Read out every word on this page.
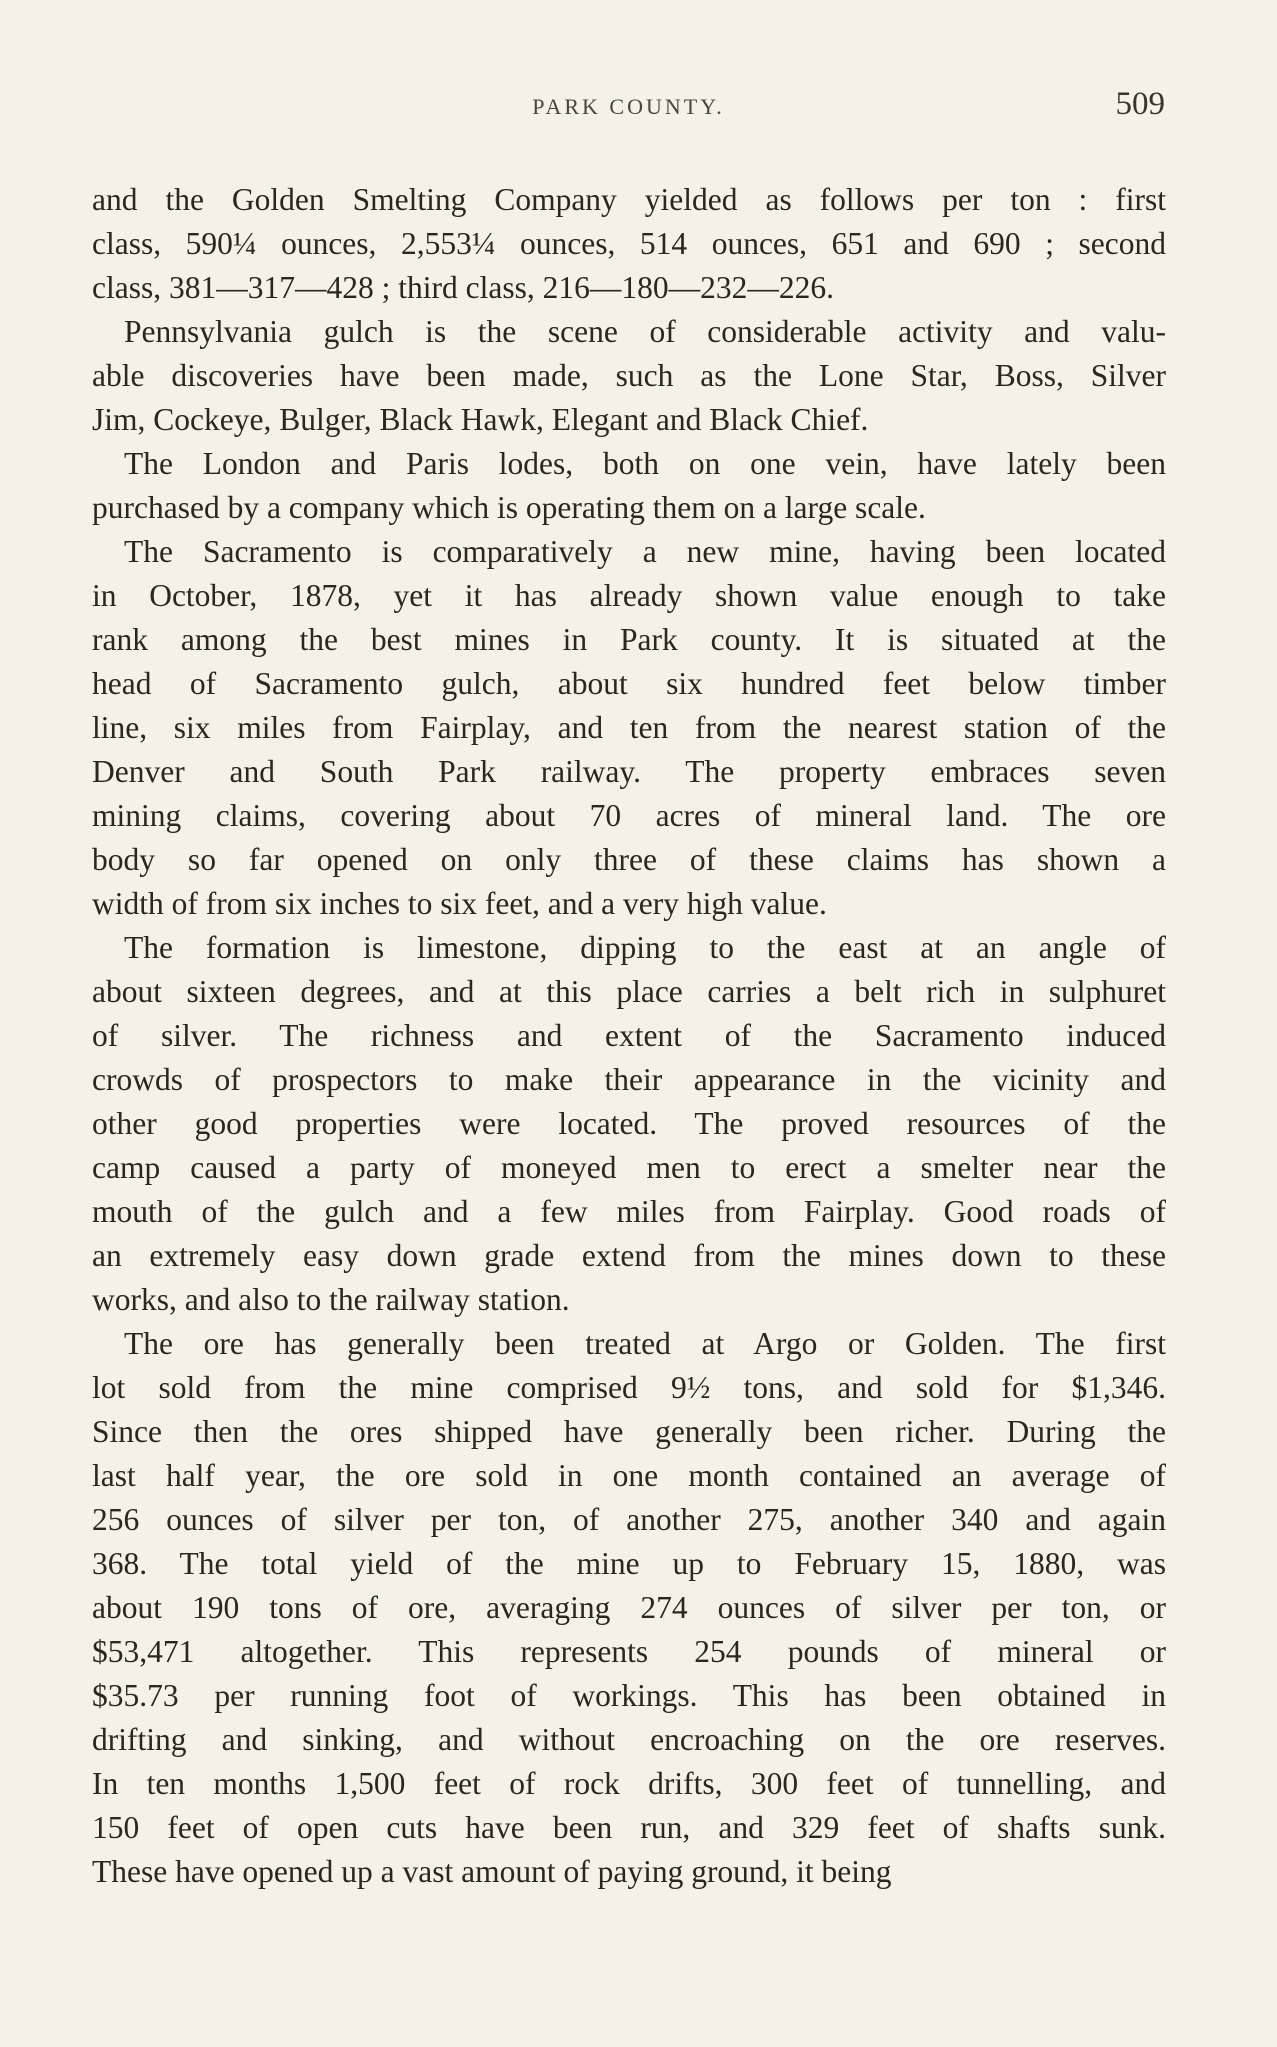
PARK COUNTY.	509
and the Golden Smelting Company yielded as follows per ton : first
class, 590¼ ounces, 2,553¼ ounces, 514 ounces, 651 and 690 ; second
class, 381—317—428 ; third class, 216—180—232—226.
Pennsylvania gulch is the scene of considerable activity and valu-
able discoveries have been made, such as the Lone Star, Boss, Silver
Jim, Cockeye, Bulger, Black Hawk, Elegant and Black Chief.
The London and Paris lodes, both on one vein, have lately been
purchased by a company which is operating them on a large scale.
The Sacramento is comparatively a new mine, having been located
in October, 1878, yet it has already shown value enough to take
rank among the best mines in Park county. It is situated at the
head of Sacramento gulch, about six hundred feet below timber
line, six miles from Fairplay, and ten from the nearest station of the
Denver and South Park railway. The property embraces seven
mining claims, covering about 70 acres of mineral land. The ore
body so far opened on only three of these claims has shown a
width of from six inches to six feet, and a very high value.
The formation is limestone, dipping to the east at an angle of
about sixteen degrees, and at this place carries a belt rich in sulphuret
of silver. The richness and extent of the Sacramento induced
crowds of prospectors to make their appearance in the vicinity and
other good properties were located. The proved resources of the
camp caused a party of moneyed men to erect a smelter near the
mouth of the gulch and a few miles from Fairplay. Good roads of
an extremely easy down grade extend from the mines down to these
works, and also to the railway station.
The ore has generally been treated at Argo or Golden. The first
lot sold from the mine comprised 9½ tons, and sold for $1,346.
Since then the ores shipped have generally been richer. During the
last half year, the ore sold in one month contained an average of
256 ounces of silver per ton, of another 275, another 340 and again
368. The total yield of the mine up to February 15, 1880, was
about 190 tons of ore, averaging 274 ounces of silver per ton, or
$53,471 altogether. This represents 254 pounds of mineral or
$35.73 per running foot of workings. This has been obtained in
drifting and sinking, and without encroaching on the ore reserves.
In ten months 1,500 feet of rock drifts, 300 feet of tunnelling, and
150 feet of open cuts have been run, and 329 feet of shafts sunk.
These have opened up a vast amount of paying ground, it being
